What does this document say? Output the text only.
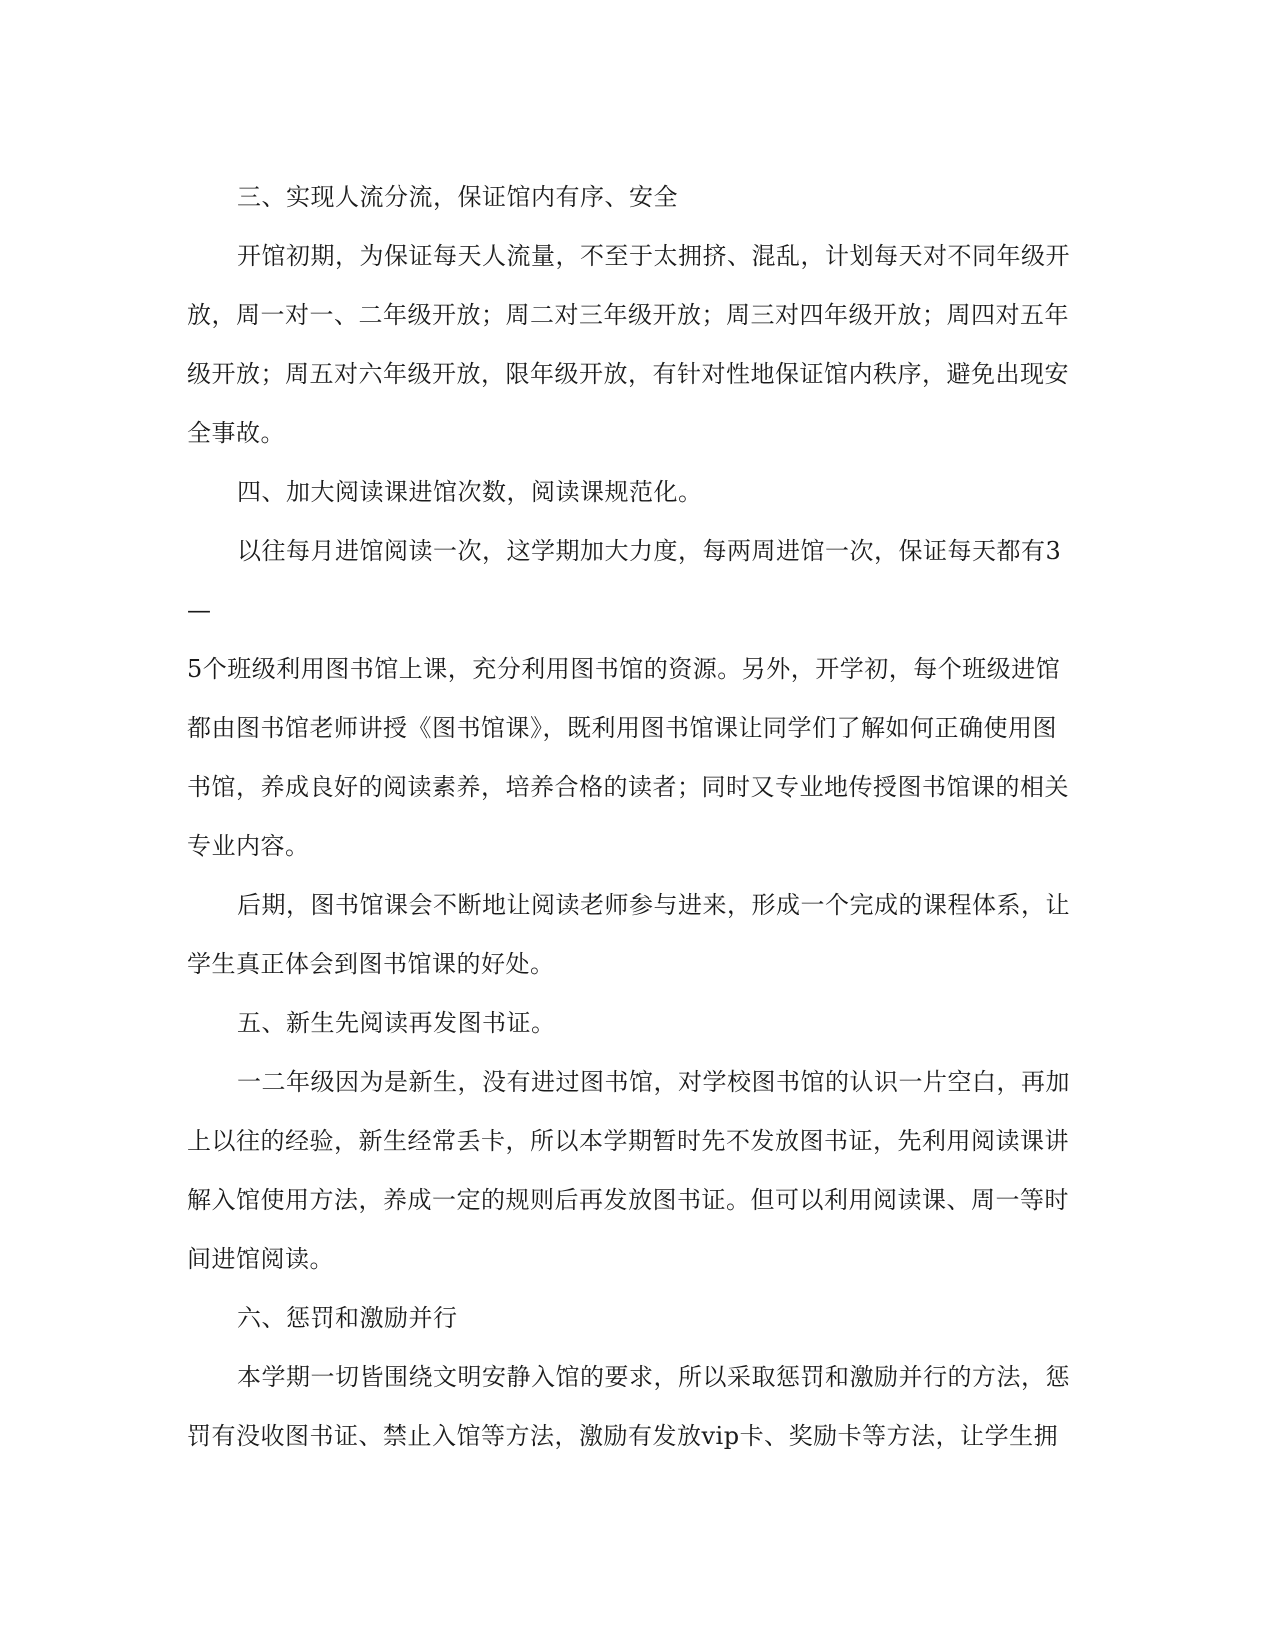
三、实现人流分流，保证馆内有序、安全
开馆初期，为保证每天人流量，不至于太拥挤、混乱，计划每天对不同年级开
放，周一对一、二年级开放；周二对三年级开放；周三对四年级开放；周四对五年
级开放；周五对六年级开放，限年级开放，有针对性地保证馆内秩序，避免出现安
全事故。
四、加大阅读课进馆次数，阅读课规范化。
以往每月进馆阅读一次，这学期加大力度，每两周进馆一次，保证每天都有3
—
5个班级利用图书馆上课，充分利用图书馆的资源。另外，开学初，每个班级进馆
都由图书馆老师讲授《图书馆课》，既利用图书馆课让同学们了解如何正确使用图
书馆，养成良好的阅读素养，培养合格的读者；同时又专业地传授图书馆课的相关
专业内容。
后期，图书馆课会不断地让阅读老师参与进来，形成一个完成的课程体系，让
学生真正体会到图书馆课的好处。
五、新生先阅读再发图书证。
一二年级因为是新生，没有进过图书馆，对学校图书馆的认识一片空白，再加
上以往的经验，新生经常丢卡，所以本学期暂时先不发放图书证，先利用阅读课讲
解入馆使用方法，养成一定的规则后再发放图书证。但可以利用阅读课、周一等时
间进馆阅读。
六、惩罚和激励并行
本学期一切皆围绕文明安静入馆的要求，所以采取惩罚和激励并行的方法，惩
罚有没收图书证、禁止入馆等方法，激励有发放vip卡、奖励卡等方法，让学生拥
